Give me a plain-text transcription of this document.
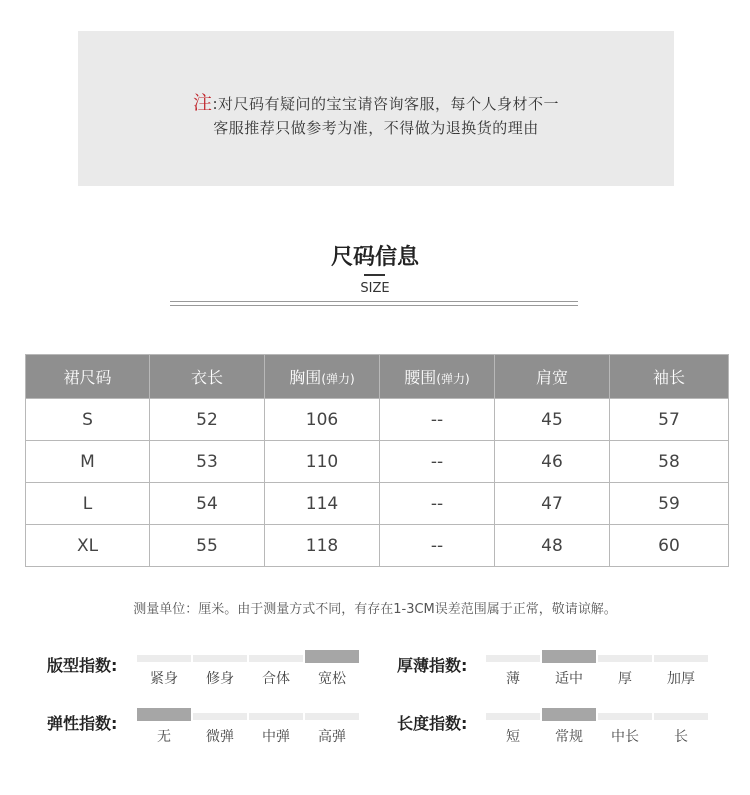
注:对尺码有疑问的宝宝请咨询客服，每个人身材不一
客服推荐只做参考为准，不得做为退换货的理由
尺码信息
SIZE
裙尺码	衣长	胸围(弹力)	腰围(弹力)	肩宽	袖长
S	52	106	--	45	57
M	53	110	--	46	58
L	54	114	--	47	59
XL	55	118	--	48	60
测量单位：厘米。由于测量方式不同，有存在1-3CM误差范围属于正常，敬请谅解。
版型指数:
紧身	修身	合体	宽松
厚薄指数:
薄	适中	厚	加厚
弹性指数:
无	微弹	中弹	高弹
长度指数:
短	常规	中长	长
